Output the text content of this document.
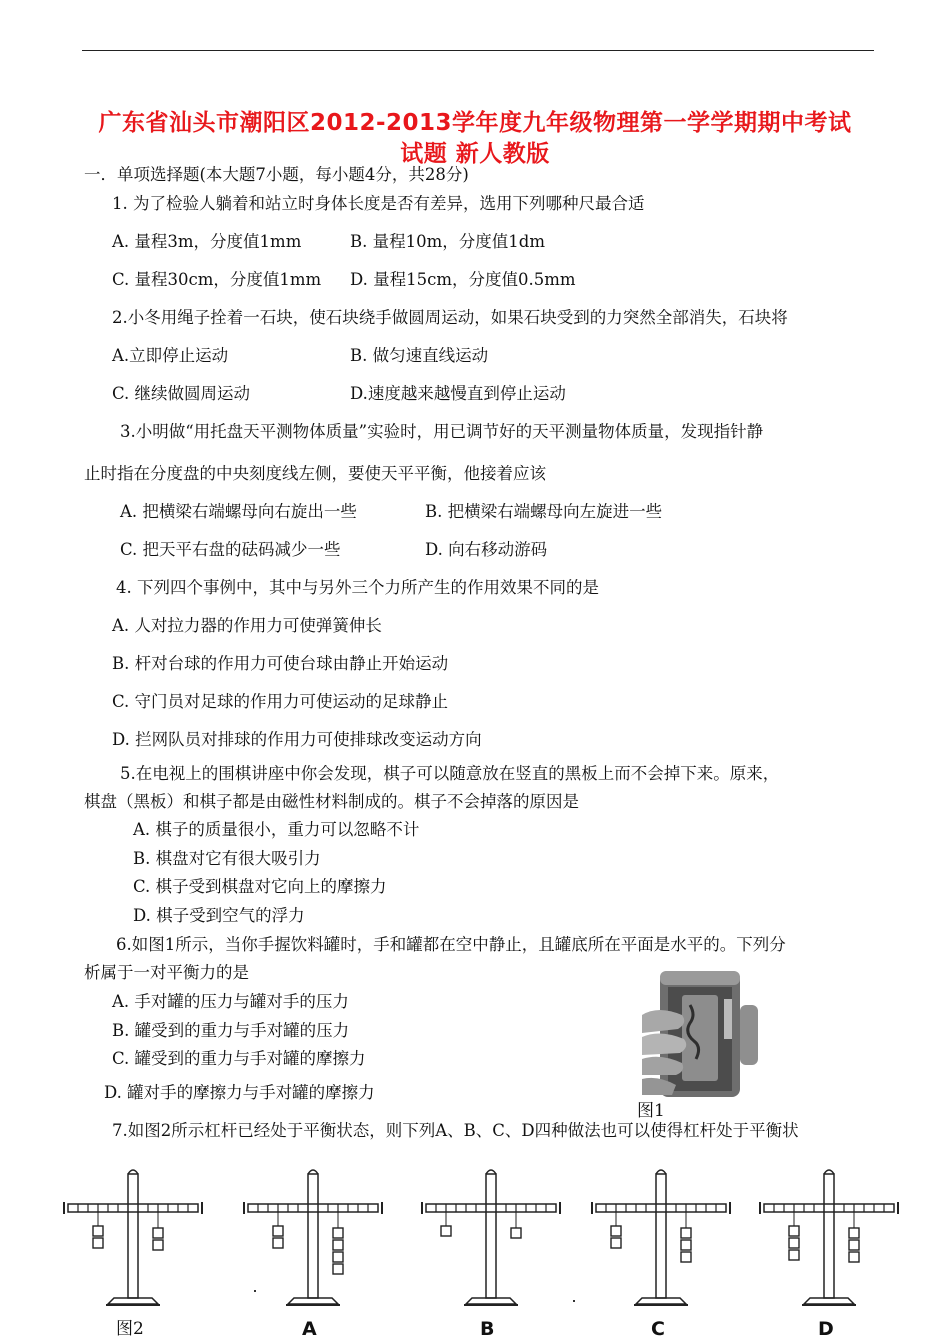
广东省汕头市潮阳区2012-2013学年度九年级物理第一学学期期中考试
试题 新人教版
一．单项选择题(本大题7小题，每小题4分，共28分)
1. 为了检验人躺着和站立时身体长度是否有差异，选用下列哪种尺最合适
A. 量程3m，分度值1mm	B. 量程10m，分度值1dm
C. 量程30cm，分度值1mm D. 量程15cm，分度值0.5mm
2.小冬用绳子拴着一石块，使石块绕手做圆周运动，如果石块受到的力突然全部消失，石块将
A.立即停止运动	B. 做匀速直线运动
C. 继续做圆周运动	D.速度越来越慢直到停止运动
3.小明做“用托盘天平测物体质量”实验时，用已调节好的天平测量物体质量，发现指针静
止时指在分度盘的中央刻度线左侧，要使天平平衡，他接着应该
A. 把横梁右端螺母向右旋出一些	B. 把横梁右端螺母向左旋进一些
C. 把天平右盘的砝码减少一些	D. 向右移动游码
4. 下列四个事例中，其中与另外三个力所产生的作用效果不同的是
A. 人对拉力器的作用力可使弹簧伸长
B. 杆对台球的作用力可使台球由静止开始运动
C. 守门员对足球的作用力可使运动的足球静止
D. 拦网队员对排球的作用力可使排球改变运动方向
5.在电视上的围棋讲座中你会发现，棋子可以随意放在竖直的黑板上而不会掉下来。原来，
棋盘（黑板）和棋子都是由磁性材料制成的。棋子不会掉落的原因是
A. 棋子的质量很小，重力可以忽略不计
B. 棋盘对它有很大吸引力
C. 棋子受到棋盘对它向上的摩擦力
D. 棋子受到空气的浮力
6.如图1所示，当你手握饮料罐时，手和罐都在空中静止，且罐底所在平面是水平的。下列分
析属于一对平衡力的是
A. 手对罐的压力与罐对手的压力
B. 罐受到的重力与手对罐的压力
C. 罐受到的重力与手对罐的摩擦力
D. 罐对手的摩擦力与手对罐的摩擦力
图1
7.如图2所示杠杆已经处于平衡状态，则下列A、B、C、D四种做法也可以使得杠杆处于平衡状
图2	A	B	C	D
